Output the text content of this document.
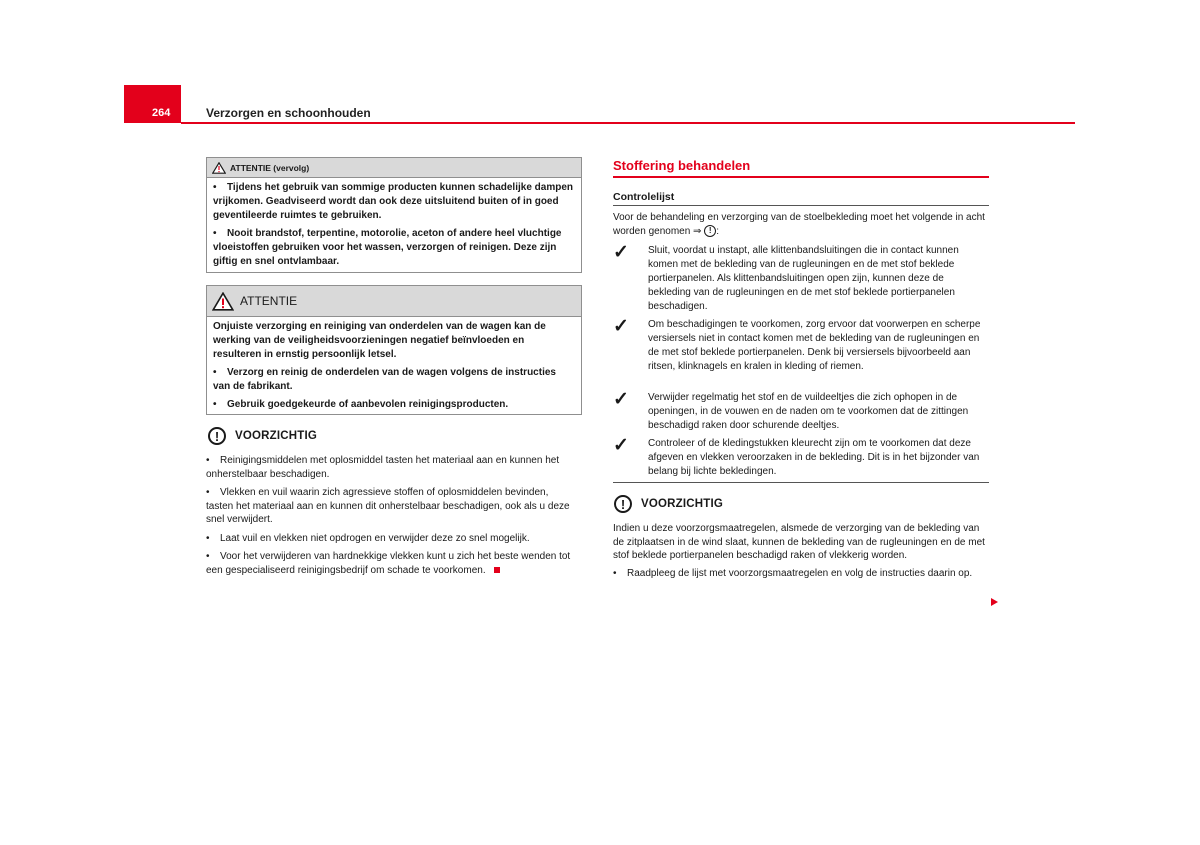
264	Verzorgen en schoonhouden
ATTENTIE (vervolg)

• Tijdens het gebruik van sommige producten kunnen schadelijke dampen vrijkomen. Geadviseerd wordt dan ook deze uitsluitend buiten of in goed geventileerde ruimtes te gebruiken.

• Nooit brandstof, terpentine, motorolie, aceton of andere heel vluchtige vloeistoffen gebruiken voor het wassen, verzorgen of reinigen. Deze zijn giftig en snel ontvlambaar.

ATTENTIE

Onjuiste verzorging en reiniging van onderdelen van de wagen kan de werking van de veiligheidsvoorzieningen negatief beïnvloeden en resulteren in ernstig persoonlijk letsel.

• Verzorg en reinig de onderdelen van de wagen volgens de instructies van de fabrikant.

• Gebruik goedgekeurde of aanbevolen reinigingsproducten.

!	VOORZICHTIG

• Reinigingsmiddelen met oplosmiddel tasten het materiaal aan en kunnen het onherstelbaar beschadigen.

• Vlekken en vuil waarin zich agressieve stoffen of oplosmiddelen bevinden, tasten het materiaal aan en kunnen dit onherstelbaar beschadigen, ook als u deze snel verwijdert.

• Laat vuil en vlekken niet opdrogen en verwijder deze zo snel mogelijk.

• Voor het verwijderen van hardnekkige vlekken kunt u zich het beste wenden tot een gespecialiseerd reinigingsbedrijf om schade te voorkomen.

Stoffering behandelen
Controlelijst

Voor de behandeling en verzorging van de stoelbekleding moet het volgende in acht worden genomen ⇒ ! :

✓	Sluit, voordat u instapt, alle klittenbandsluitingen die in contact kunnen komen met de bekleding van de rugleuningen en de met stof beklede portierpanelen. Als klittenbandsluitingen open zijn, kunnen deze de bekleding van de rugleuningen en de met stof beklede portierpanelen beschadigen.
✓	Om beschadigingen te voorkomen, zorg ervoor dat voorwerpen en scherpe versiersels niet in contact komen met de bekleding van de rugleuningen en de met stof beklede portierpanelen. Denk bij versiersels bijvoorbeeld aan ritsen, klinknagels en kralen in kleding of riemen.
✓	Verwijder regelmatig het stof en de vuildeeltjes die zich ophopen in de openingen, in de vouwen en de naden om te voorkomen dat de zittingen beschadigd raken door schurende deeltjes.
✓	Controleer of de kledingstukken kleurecht zijn om te voorkomen dat deze afgeven en vlekken veroorzaken in de bekleding. Dit is in het bijzonder van belang bij lichte bekledingen.
!	VOORZICHTIG

Indien u deze voorzorgsmaatregelen, alsmede de verzorging van de bekleding van de zitplaatsen in de wind slaat, kunnen de bekleding van de rugleuningen en de met stof beklede portierpanelen beschadigd raken of vlekkerig worden.

• Raadpleeg de lijst met voorzorgsmaatregelen en volg de instructies daarin op.
